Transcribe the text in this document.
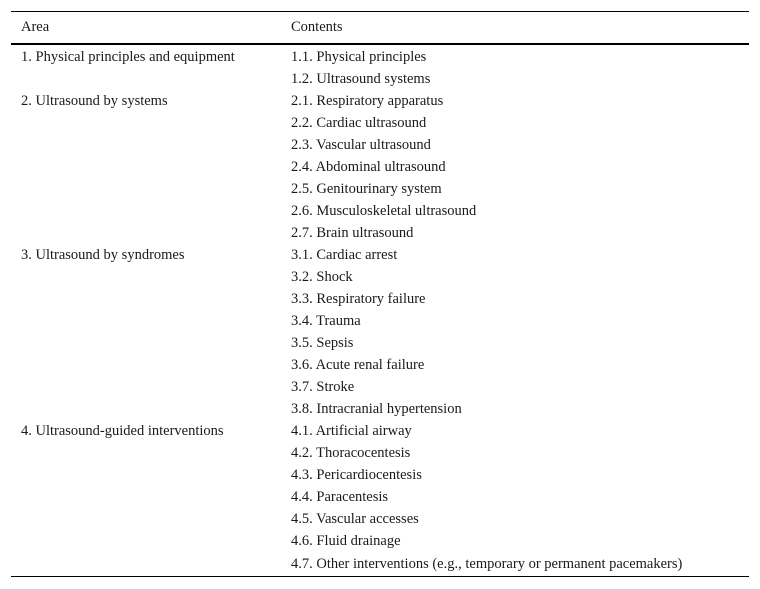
Area	Contents

1. Physical principles and equipment	1.1. Physical principles
	1.2. Ultrasound systems
2. Ultrasound by systems	2.1. Respiratory apparatus
	2.2. Cardiac ultrasound
	2.3. Vascular ultrasound
	2.4. Abdominal ultrasound
	2.5. Genitourinary system
	2.6. Musculoskeletal ultrasound
	2.7. Brain ultrasound
3. Ultrasound by syndromes	3.1. Cardiac arrest
	3.2. Shock
	3.3. Respiratory failure
	3.4. Trauma
	3.5. Sepsis
	3.6. Acute renal failure
	3.7. Stroke
	3.8. Intracranial hypertension
4. Ultrasound-guided interventions	4.1. Artificial airway
	4.2. Thoracocentesis
	4.3. Pericardiocentesis
	4.4. Paracentesis
	4.5. Vascular accesses
	4.6. Fluid drainage
	4.7. Other interventions (e.g., temporary or permanent pacemakers)
